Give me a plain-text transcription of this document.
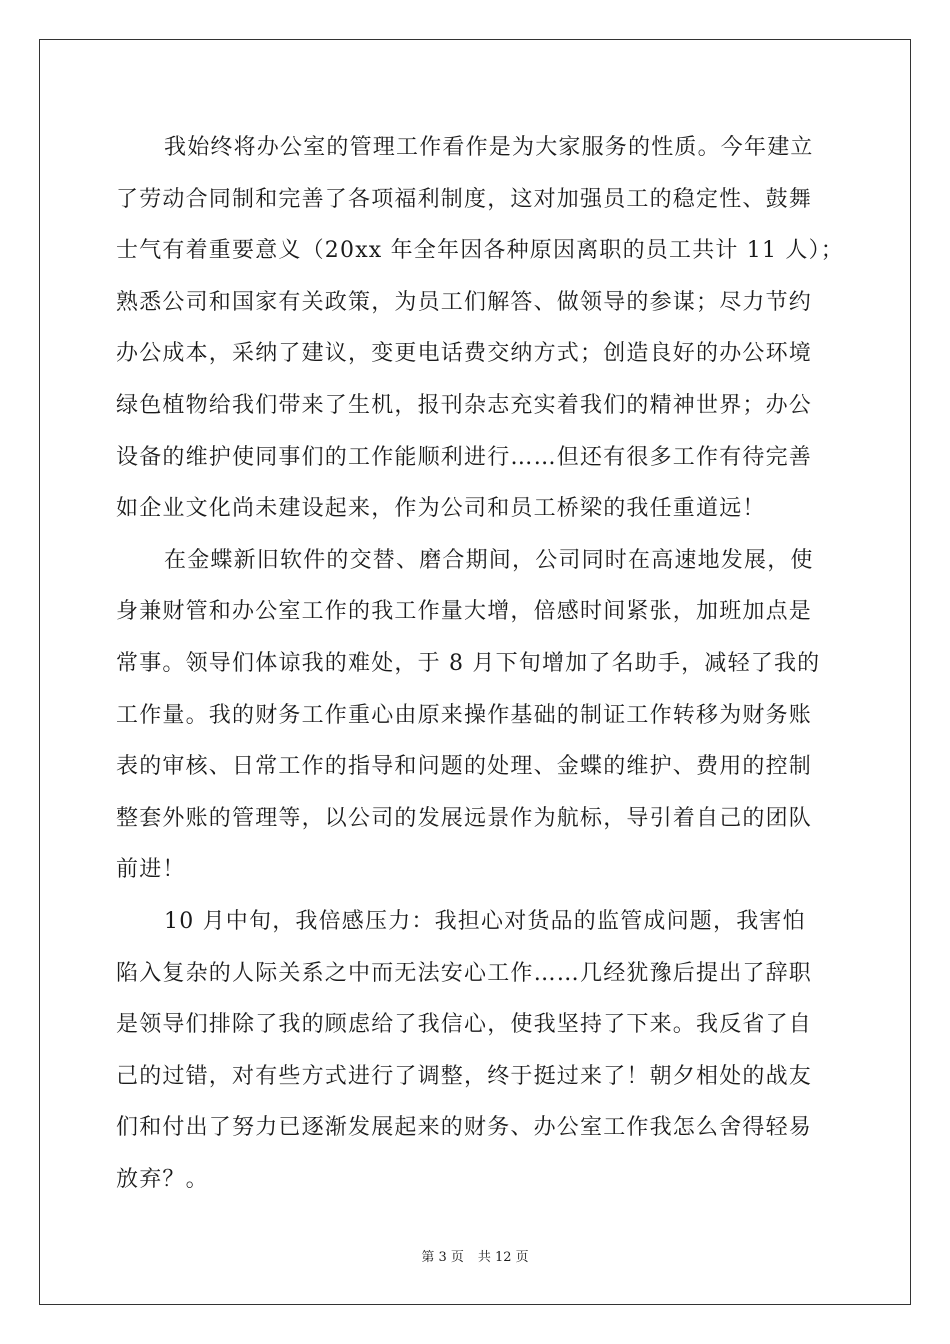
我始终将办公室的管理工作看作是为大家服务的性质。今年建立
了劳动合同制和完善了各项福利制度，这对加强员工的稳定性、鼓舞
士气有着重要意义（20xx 年全年因各种原因离职的员工共计 11 人）；
熟悉公司和国家有关政策，为员工们解答、做领导的参谋；尽力节约
办公成本，采纳了建议，变更电话费交纳方式；创造良好的办公环境
绿色植物给我们带来了生机，报刊杂志充实着我们的精神世界；办公
设备的维护使同事们的工作能顺利进行……但还有很多工作有待完善
如企业文化尚未建设起来，作为公司和员工桥梁的我任重道远！
在金蝶新旧软件的交替、磨合期间，公司同时在高速地发展，使
身兼财管和办公室工作的我工作量大增，倍感时间紧张，加班加点是
常事。领导们体谅我的难处，于 8 月下旬增加了名助手，减轻了我的
工作量。我的财务工作重心由原来操作基础的制证工作转移为财务账
表的审核、日常工作的指导和问题的处理、金蝶的维护、费用的控制
整套外账的管理等，以公司的发展远景作为航标，导引着自己的团队
前进！
10 月中旬，我倍感压力：我担心对货品的监管成问题，我害怕
陷入复杂的人际关系之中而无法安心工作……几经犹豫后提出了辞职
是领导们排除了我的顾虑给了我信心，使我坚持了下来。我反省了自
己的过错，对有些方式进行了调整，终于挺过来了！朝夕相处的战友
们和付出了努力已逐渐发展起来的财务、办公室工作我怎么舍得轻易
放弃？。
第 3 页 共 12 页
